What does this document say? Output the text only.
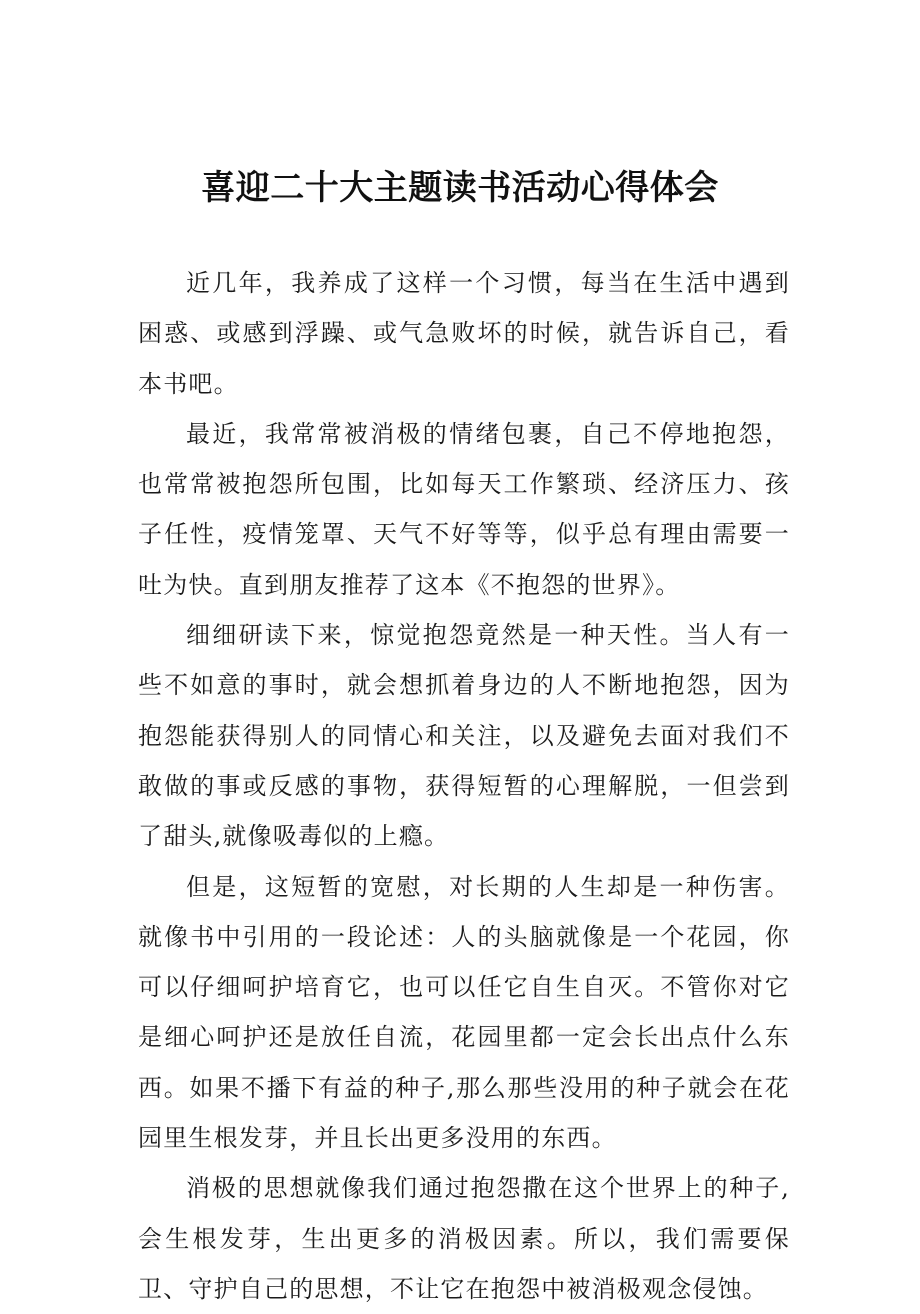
喜迎二十大主题读书活动心得体会

近几年，我养成了这样一个习惯，每当在生活中遇到困惑、或感到浮躁、或气急败坏的时候，就告诉自己，看本书吧。

最近，我常常被消极的情绪包裹，自己不停地抱怨，也常常被抱怨所包围，比如每天工作繁琐、经济压力、孩子任性，疫情笼罩、天气不好等等，似乎总有理由需要一吐为快。直到朋友推荐了这本《不抱怨的世界》。

细细研读下来，惊觉抱怨竟然是一种天性。当人有一些不如意的事时，就会想抓着身边的人不断地抱怨，因为抱怨能获得别人的同情心和关注，以及避免去面对我们不敢做的事或反感的事物，获得短暂的心理解脱，一但尝到了甜头,就像吸毒似的上瘾。

但是，这短暂的宽慰，对长期的人生却是一种伤害。就像书中引用的一段论述：人的头脑就像是一个花园，你可以仔细呵护培育它，也可以任它自生自灭。不管你对它是细心呵护还是放任自流，花园里都一定会长出点什么东西。如果不播下有益的种子,那么那些没用的种子就会在花园里生根发芽，并且长出更多没用的东西。

消极的思想就像我们通过抱怨撒在这个世界上的种子,会生根发芽，生出更多的消极因素。所以，我们需要保卫、守护自己的思想，不让它在抱怨中被消极观念侵蚀。
